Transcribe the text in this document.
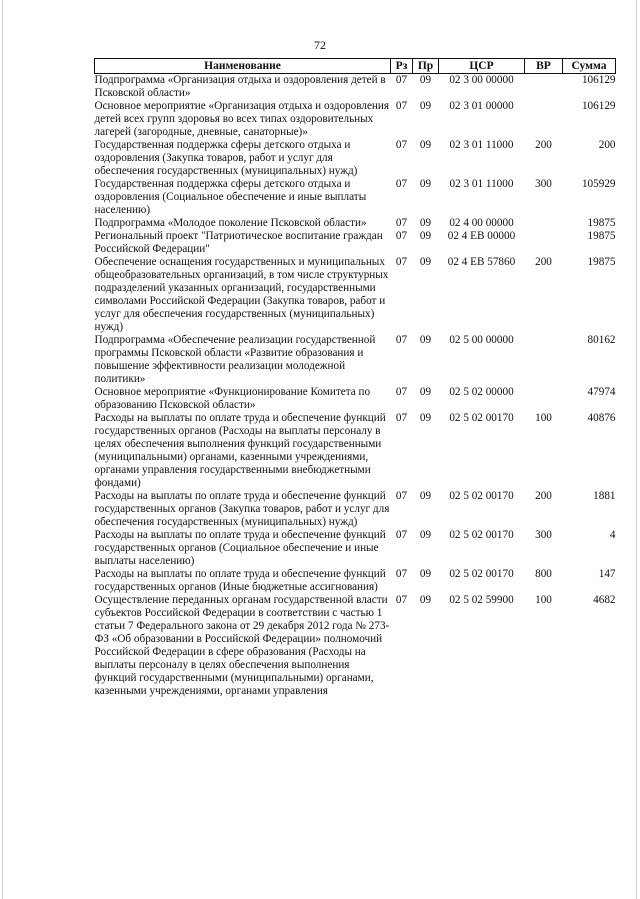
72
Наименование	Рз	Пр	ЦСР	ВР	Сумма
Подпрограмма «Организация отдыха и оздоровления детей в Псковской области»	07	09	02 3 00 00000		106129
Основное мероприятие «Организация отдыха и оздоровления детей всех групп здоровья во всех типах оздоровительных лагерей (загородные, дневные, санаторные)»	07	09	02 3 01 00000		106129
Государственная поддержка сферы детского отдыха и оздоровления (Закупка товаров, работ и услуг для обеспечения государственных (муниципальных) нужд)	07	09	02 3 01 11000	200	200
Государственная поддержка сферы детского отдыха и оздоровления (Социальное обеспечение и иные выплаты населению)	07	09	02 3 01 11000	300	105929
Подпрограмма «Молодое поколение Псковской области»	07	09	02 4 00 00000		19875
Региональный проект "Патриотическое воспитание граждан Российской Федерации"	07	09	02 4 EB 00000		19875
Обеспечение оснащения государственных и муниципальных общеобразовательных организаций, в том числе структурных подразделений указанных организаций, государственными символами Российской Федерации (Закупка товаров, работ и услуг для обеспечения государственных (муниципальных) нужд)	07	09	02 4 EB 57860	200	19875
Подпрограмма «Обеспечение реализации государственной программы Псковской области «Развитие образования и повышение эффективности реализации молодежной политики»	07	09	02 5 00 00000		80162
Основное мероприятие «Функционирование Комитета по образованию Псковской области»	07	09	02 5 02 00000		47974
Расходы на выплаты по оплате труда и обеспечение функций государственных органов (Расходы на выплаты персоналу в целях обеспечения выполнения функций государственными (муниципальными) органами, казенными учреждениями, органами управления государственными внебюджетными фондами)	07	09	02 5 02 00170	100	40876
Расходы на выплаты по оплате труда и обеспечение функций государственных органов (Закупка товаров, работ и услуг для обеспечения государственных (муниципальных) нужд)	07	09	02 5 02 00170	200	1881
Расходы на выплаты по оплате труда и обеспечение функций государственных органов (Социальное обеспечение и иные выплаты населению)	07	09	02 5 02 00170	300	4
Расходы на выплаты по оплате труда и обеспечение функций государственных органов (Иные бюджетные ассигнования)	07	09	02 5 02 00170	800	147
Осуществление переданных органам государственной власти субъектов Российской Федерации в соответствии с частью 1 статьи 7 Федерального закона от 29 декабря 2012 года № 273-ФЗ «Об образовании в Российской Федерации» полномочий Российской Федерации в сфере образования (Расходы на выплаты персоналу в целях обеспечения выполнения функций государственными (муниципальными) органами, казенными учреждениями, органами управления	07	09	02 5 02 59900	100	4682
